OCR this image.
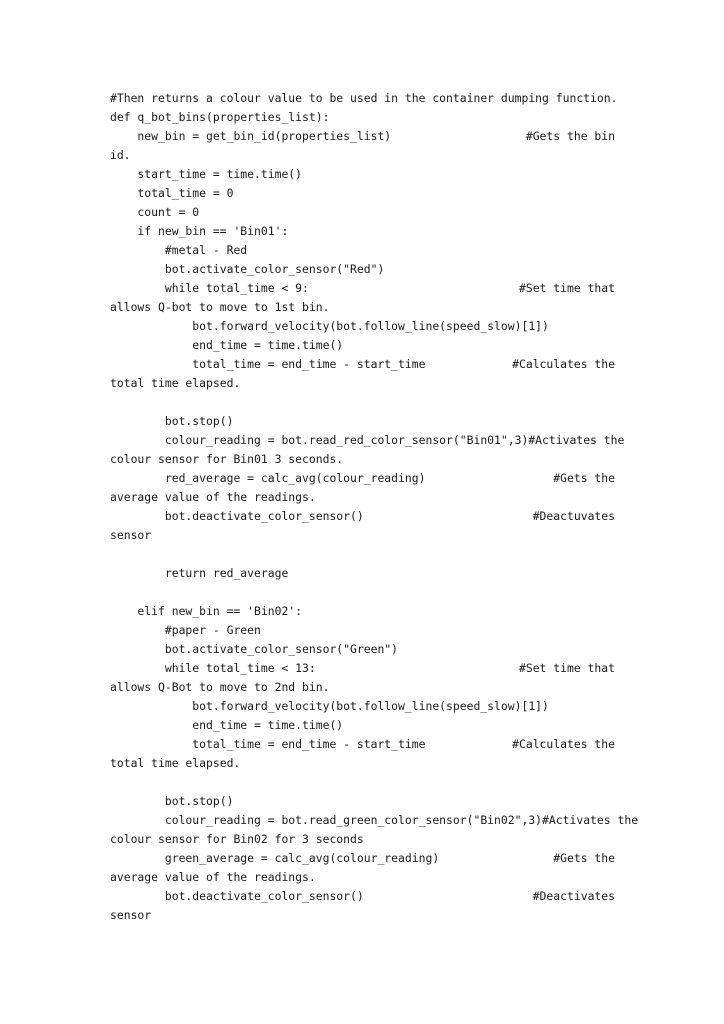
#Then returns a colour value to be used in the container dumping function.
def q_bot_bins(properties_list):
new_bin = get_bin_id(properties_list)	#Gets the bin
id.
start_time = time.time()
total_time = 0
count = 0
if new_bin == 'Bin01':
#metal - Red
bot.activate_color_sensor("Red")
while total_time < 9:	#Set time that
allows Q-bot to move to 1st bin.
bot.forward_velocity(bot.follow_line(speed_slow)[1])
end_time = time.time()
total_time = end_time - start_time	#Calculates the
total time elapsed.
bot.stop()
colour_reading = bot.read_red_color_sensor("Bin01",3) #Activates the
colour sensor for Bin01 3 seconds.
red_average = calc_avg(colour_reading)	#Gets the
average value of the readings.
bot.deactivate_color_sensor()	#Deactuvates
sensor
return red_average
elif new_bin == 'Bin02':
#paper - Green
bot.activate_color_sensor("Green")
while total_time < 13:	#Set time that
allows Q-Bot to move to 2nd bin.
bot.forward_velocity(bot.follow_line(speed_slow)[1])
end_time = time.time()
total_time = end_time - start_time	#Calculates the
total time elapsed.
bot.stop()
colour_reading = bot.read_green_color_sensor("Bin02",3) #Activates the
colour sensor for Bin02 for 3 seconds
green_average = calc_avg(colour_reading)	#Gets the
average value of the readings.
bot.deactivate_color_sensor()	#Deactivates
sensor
